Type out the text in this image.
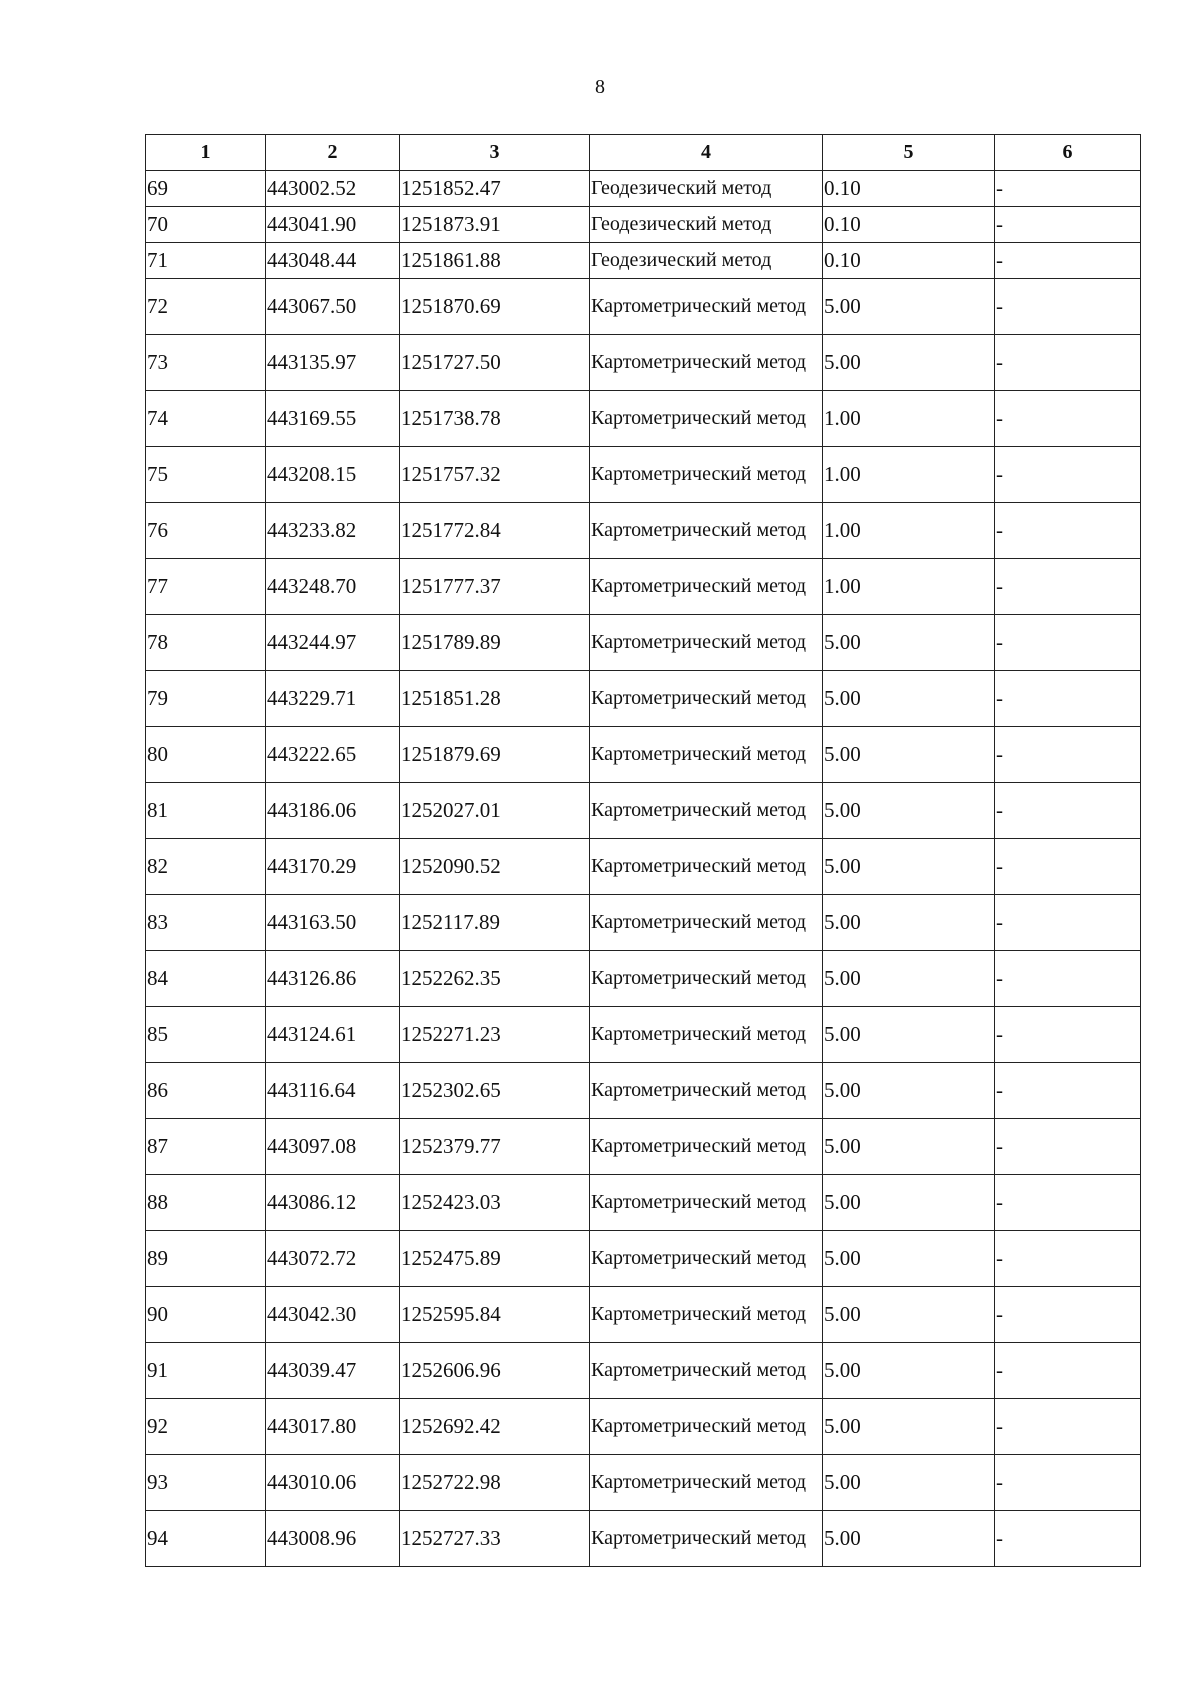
8
1	2	3	4	5	6
69	443002.52	1251852.47	Геодезический метод	0.10	-
70	443041.90	1251873.91	Геодезический метод	0.10	-
71	443048.44	1251861.88	Геодезический метод	0.10	-
72	443067.50	1251870.69	Картометрический метод	5.00	-
73	443135.97	1251727.50	Картометрический метод	5.00	-
74	443169.55	1251738.78	Картометрический метод	1.00	-
75	443208.15	1251757.32	Картометрический метод	1.00	-
76	443233.82	1251772.84	Картометрический метод	1.00	-
77	443248.70	1251777.37	Картометрический метод	1.00	-
78	443244.97	1251789.89	Картометрический метод	5.00	-
79	443229.71	1251851.28	Картометрический метод	5.00	-
80	443222.65	1251879.69	Картометрический метод	5.00	-
81	443186.06	1252027.01	Картометрический метод	5.00	-
82	443170.29	1252090.52	Картометрический метод	5.00	-
83	443163.50	1252117.89	Картометрический метод	5.00	-
84	443126.86	1252262.35	Картометрический метод	5.00	-
85	443124.61	1252271.23	Картометрический метод	5.00	-
86	443116.64	1252302.65	Картометрический метод	5.00	-
87	443097.08	1252379.77	Картометрический метод	5.00	-
88	443086.12	1252423.03	Картометрический метод	5.00	-
89	443072.72	1252475.89	Картометрический метод	5.00	-
90	443042.30	1252595.84	Картометрический метод	5.00	-
91	443039.47	1252606.96	Картометрический метод	5.00	-
92	443017.80	1252692.42	Картометрический метод	5.00	-
93	443010.06	1252722.98	Картометрический метод	5.00	-
94	443008.96	1252727.33	Картометрический метод	5.00	-
